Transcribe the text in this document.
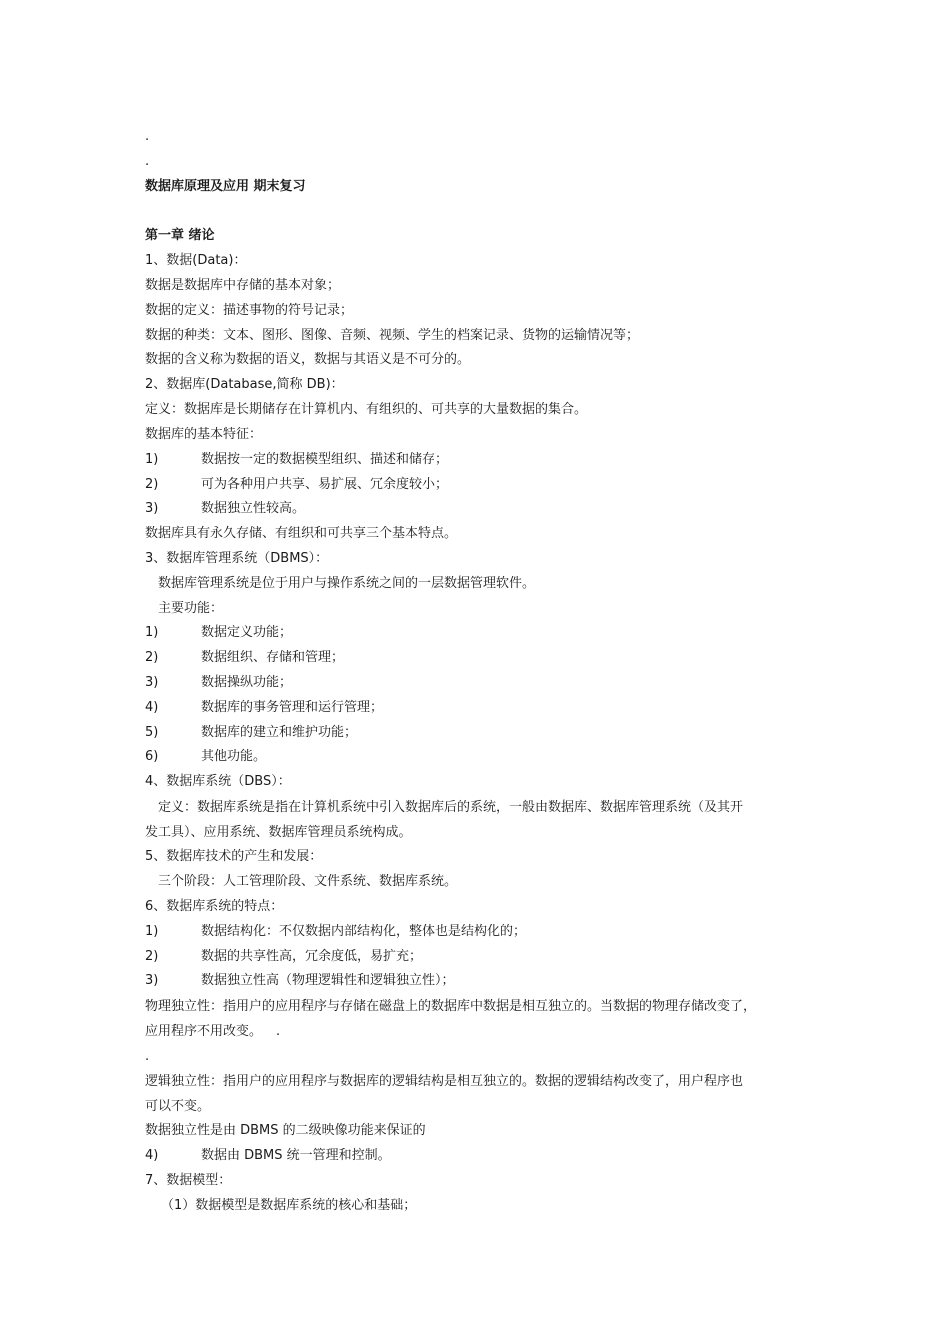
.
.
数据库原理及应用 期末复习
第一章 绪论
1、数据(Data)：
数据是数据库中存储的基本对象；
数据的定义：描述事物的符号记录；
数据的种类：文本、图形、图像、音频、视频、学生的档案记录、货物的运输情况等；
数据的含义称为数据的语义，数据与其语义是不可分的。
2、数据库(Database,简称 DB)：
定义：数据库是长期储存在计算机内、有组织的、可共享的大量数据的集合。
数据库的基本特征：
1)	数据按一定的数据模型组织、描述和储存；
2)	可为各种用户共享、易扩展、冗余度较小；
3)	数据独立性较高。
数据库具有永久存储、有组织和可共享三个基本特点。
3、数据库管理系统（DBMS）：
数据库管理系统是位于用户与操作系统之间的一层数据管理软件。
主要功能：
1)	数据定义功能；
2)	数据组织、存储和管理；
3)	数据操纵功能；
4)	数据库的事务管理和运行管理；
5)	数据库的建立和维护功能；
6)	其他功能。
4、数据库系统（DBS）：
定义：数据库系统是指在计算机系统中引入数据库后的系统，一般由数据库、数据库管理系统（及其开
发工具）、应用系统、数据库管理员系统构成。
5、数据库技术的产生和发展：
三个阶段：人工管理阶段、文件系统、数据库系统。
6、数据库系统的特点：
1)	数据结构化：不仅数据内部结构化，整体也是结构化的；
2)	数据的共享性高，冗余度低，易扩充；
3)	数据独立性高（物理逻辑性和逻辑独立性）；
物理独立性：指用户的应用程序与存储在磁盘上的数据库中数据是相互独立的。当数据的物理存储改变了，
应用程序不用改变。 .
.
逻辑独立性：指用户的应用程序与数据库的逻辑结构是相互独立的。数据的逻辑结构改变了，用户程序也
可以不变。
数据独立性是由 DBMS 的二级映像功能来保证的
4)	数据由 DBMS 统一管理和控制。
7、数据模型：
（1）数据模型是数据库系统的核心和基础；
